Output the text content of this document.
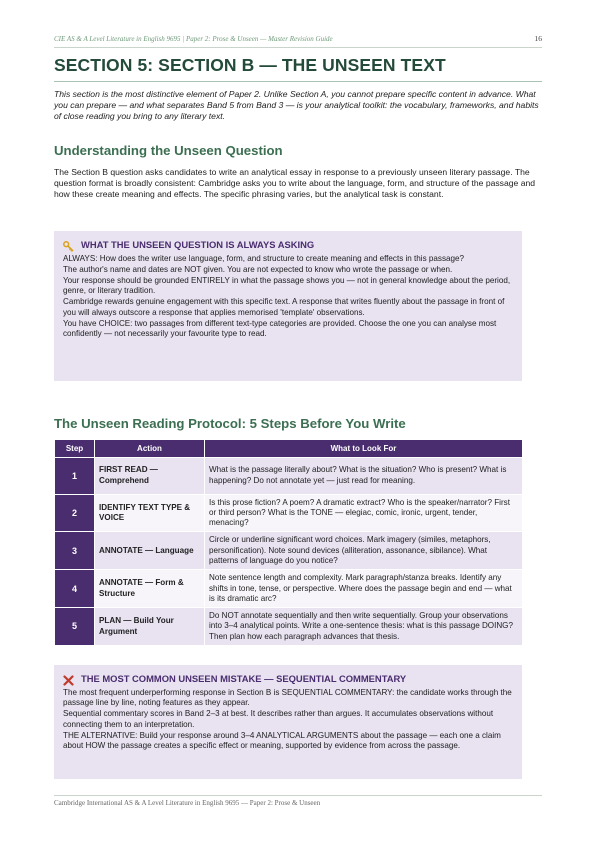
CIE AS & A Level Literature in English 9695 | Paper 2: Prose & Unseen — Master Revision Guide	16
SECTION 5: SECTION B — THE UNSEEN TEXT
This section is the most distinctive element of Paper 2. Unlike Section A, you cannot prepare specific content in advance. What you can prepare — and what separates Band 5 from Band 3 — is your analytical toolkit: the vocabulary, frameworks, and habits of close reading you bring to any literary text.
Understanding the Unseen Question
The Section B question asks candidates to write an analytical essay in response to a previously unseen literary passage. The question format is broadly consistent: Cambridge asks you to write about the language, form, and structure of the passage and how these create meaning and effects. The specific phrasing varies, but the analytical task is constant.
WHAT THE UNSEEN QUESTION IS ALWAYS ASKING

ALWAYS: How does the writer use language, form, and structure to create meaning and effects in this passage?

The author's name and dates are NOT given. You are not expected to know who wrote the passage or when.

Your response should be grounded ENTIRELY in what the passage shows you — not in general knowledge about the period, genre, or literary tradition.

Cambridge rewards genuine engagement with this specific text. A response that writes fluently about the passage in front of you will always outscore a response that applies memorised 'template' observations.

You have CHOICE: two passages from different text-type categories are provided. Choose the one you can analyse most confidently — not necessarily your favourite type to read.

The Unseen Reading Protocol: 5 Steps Before You Write
Step	Action	What to Look For
1	FIRST READ — Comprehend	What is the passage literally about? What is the situation? Who is present? What is happening? Do not annotate yet — just read for meaning.
2	IDENTIFY TEXT TYPE & VOICE	Is this prose fiction? A poem? A dramatic extract? Who is the speaker/narrator? First or third person? What is the TONE — elegiac, comic, ironic, urgent, tender, menacing?
3	ANNOTATE — Language	Circle or underline significant word choices. Mark imagery (similes, metaphors, personification). Note sound devices (alliteration, assonance, sibilance). What patterns of language do you notice?
4	ANNOTATE — Form & Structure	Note sentence length and complexity. Mark paragraph/stanza breaks. Identify any shifts in tone, tense, or perspective. Where does the passage begin and end — what is its dramatic arc?
5	PLAN — Build Your Argument	Do NOT annotate sequentially and then write sequentially. Group your observations into 3–4 analytical points. Write a one-sentence thesis: what is this passage DOING? Then plan how each paragraph advances that thesis.
THE MOST COMMON UNSEEN MISTAKE — SEQUENTIAL COMMENTARY

The most frequent underperforming response in Section B is SEQUENTIAL COMMENTARY: the candidate works through the passage line by line, noting features as they appear.

Sequential commentary scores in Band 2–3 at best. It describes rather than argues. It accumulates observations without connecting them to an interpretation.

THE ALTERNATIVE: Build your response around 3–4 ANALYTICAL ARGUMENTS about the passage — each one a claim about HOW the passage creates a specific effect or meaning, supported by evidence from across the passage.

Cambridge International AS & A Level Literature in English 9695 — Paper 2: Prose & Unseen
